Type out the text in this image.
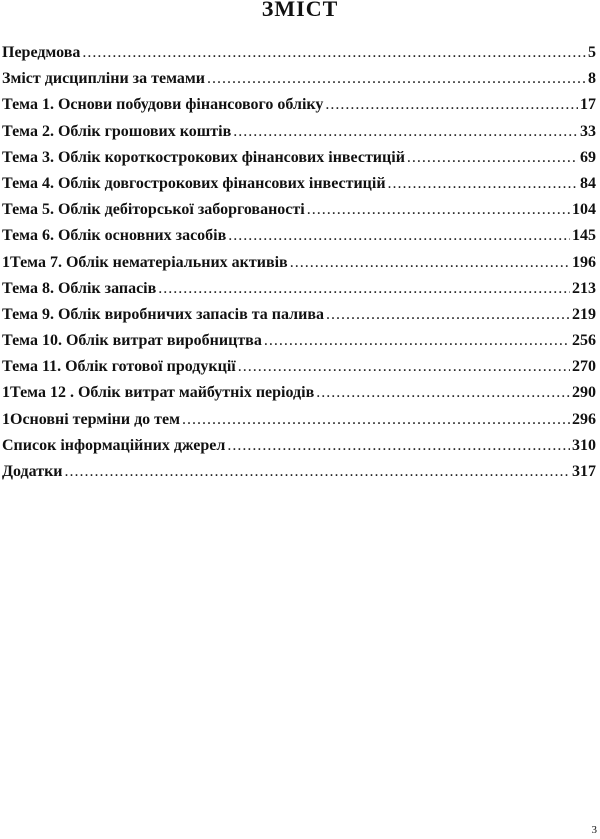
ЗМІСТ
Передмова .....	5
Зміст дисципліни за темами .....	8
Тема 1. Основи побудови фінансового обліку .....	17
Тема 2. Облік грошових коштів .....	33
Тема 3. Облік короткострокових фінансових інвестицій .....	69
Тема 4. Облік довгострокових фінансових інвестицій .....	84
Тема 5. Облік дебіторської заборгованості .....	104
Тема 6. Облік основних засобів .....	145
1Тема 7. Облік нематеріальних активів .....	196
Тема 8. Облік запасів .....	213
Тема 9. Облік виробничих запасів та палива .....	219
Тема 10. Облік витрат виробництва .....	256
Тема 11. Облік готової продукції .....	270
1Тема 12 . Облік витрат майбутніх періодів .....	290
1Основні терміни до тем .....	296
Список інформаційних джерел .....	310
Додатки .....	317
3
